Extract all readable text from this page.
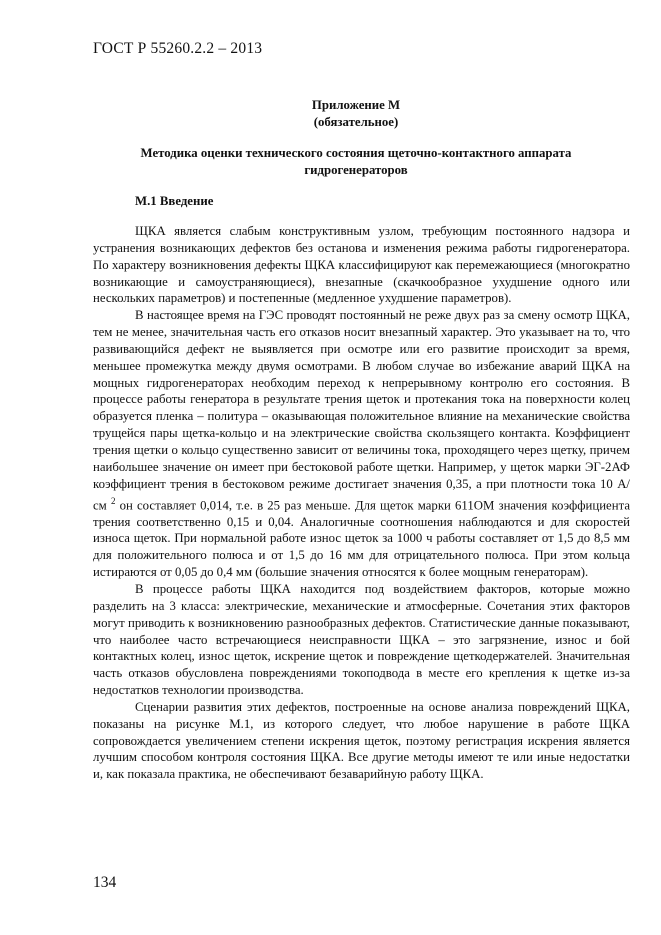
ГОСТ Р 55260.2.2 – 2013
Приложение М
(обязательное)
Методика оценки технического состояния щеточно-контактного аппарата гидрогенераторов
М.1 Введение

ЩКА является слабым конструктивным узлом, требующим постоянного надзора и устранения возникающих дефектов без останова и изменения режима работы гидрогенератора. По характеру возникновения дефекты ЩКА классифицируют как перемежающиеся (многократно возникающие и самоустраняющиеся), внезапные (скачкообразное ухудшение одного или нескольких параметров) и постепенные (медленное ухудшение параметров).

В настоящее время на ГЭС проводят постоянный не реже двух раз за смену осмотр ЩКА, тем не менее, значительная часть его отказов носит внезапный характер. Это указывает на то, что развивающийся дефект не выявляется при осмотре или его развитие происходит за время, меньшее промежутка между двумя осмотрами. В любом случае во избежание аварий ЩКА на мощных гидрогенераторах необходим переход к непрерывному контролю его состояния. В процессе работы генератора в результате трения щеток и протекания тока на поверхности колец образуется пленка – политура – оказывающая положительное влияние на механические свойства трущейся пары щетка-кольцо и на электрические свойства скользящего контакта. Коэффициент трения щетки о кольцо существенно зависит от величины тока, проходящего через щетку, причем наибольшее значение он имеет при бестоковой работе щетки. Например, у щеток марки ЭГ-2АФ коэффициент трения в бестоковом режиме достигает значения 0,35, а при плотности тока 10 А/см $^2$ он составляет 0,014, т.е. в 25 раз меньше. Для щеток марки 611ОМ значения коэффициента трения соответственно 0,15 и 0,04. Аналогичные соотношения наблюдаются и для скоростей износа щеток. При нормальной работе износ щеток за 1000 ч работы составляет от 1,5 до 8,5 мм для положительного полюса и от 1,5 до 16 мм для отрицательного полюса. При этом кольца истираются от 0,05 до 0,4 мм (большие значения относятся к более мощным генераторам).

В процессе работы ЩКА находится под воздействием факторов, которые можно разделить на 3 класса: электрические, механические и атмосферные. Сочетания этих факторов могут приводить к возникновению разнообразных дефектов. Статистические данные показывают, что наиболее часто встречающиеся неисправности ЩКА – это загрязнение, износ и бой контактных колец, износ щеток, искрение щеток и повреждение щеткодержателей. Значительная часть отказов обусловлена повреждениями токоподвода в месте его крепления к щетке из-за недостатков технологии производства.

Сценарии развития этих дефектов, построенные на основе анализа повреждений ЩКА, показаны на рисунке М.1, из которого следует, что любое нарушение в работе ЩКА сопровождается увеличением степени искрения щеток, поэтому регистрация искрения является лучшим способом контроля состояния ЩКА. Все другие методы имеют те или иные недостатки и, как показала практика, не обеспечивают безаварийную работу ЩКА.

134
